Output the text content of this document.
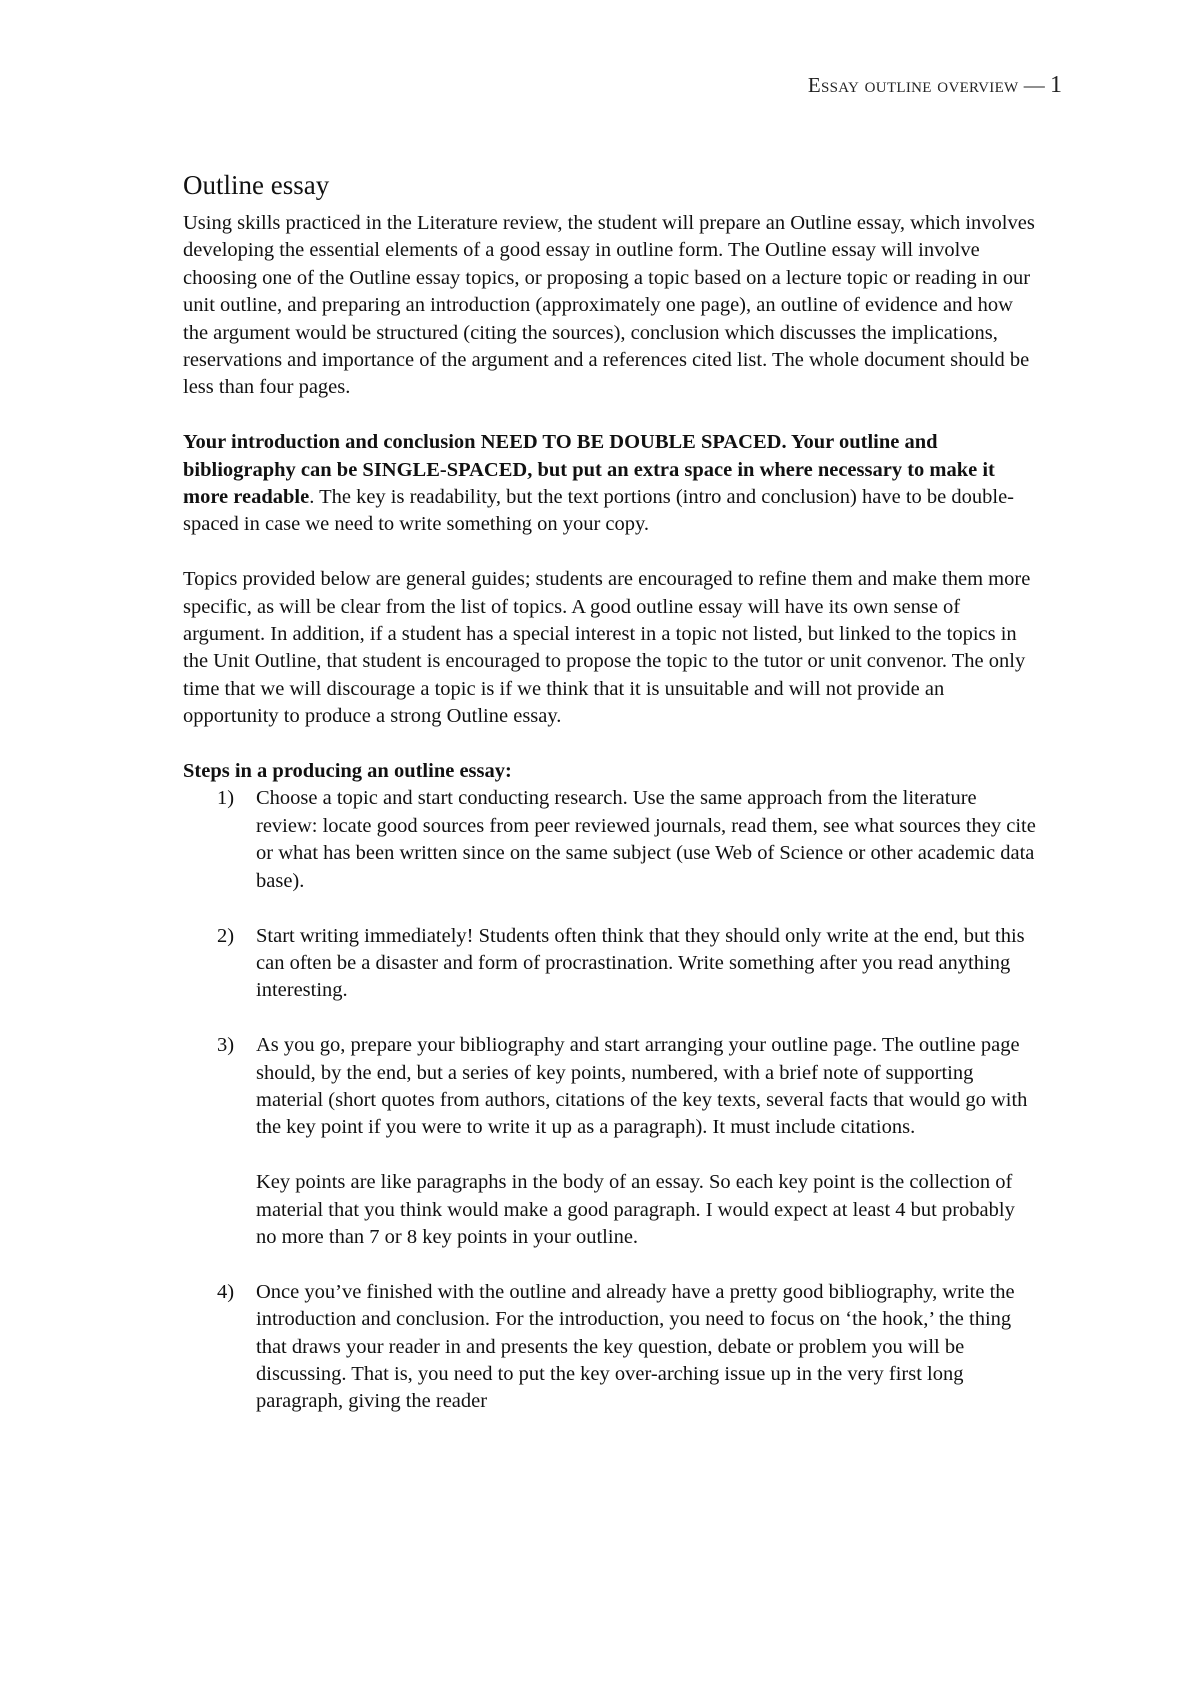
Essay outline overview — 1
Outline essay

Using skills practiced in the Literature review, the student will prepare an Outline essay, which involves developing the essential elements of a good essay in outline form. The Outline essay will involve choosing one of the Outline essay topics, or proposing a topic based on a lecture topic or reading in our unit outline, and preparing an introduction (approximately one page), an outline of evidence and how the argument would be structured (citing the sources), conclusion which discusses the implications, reservations and importance of the argument and a references cited list. The whole document should be less than four pages.

Your introduction and conclusion NEED TO BE DOUBLE SPACED. Your outline and bibliography can be SINGLE-SPACED, but put an extra space in where necessary to make it more readable. The key is readability, but the text portions (intro and conclusion) have to be double-spaced in case we need to write something on your copy.

Topics provided below are general guides; students are encouraged to refine them and make them more specific, as will be clear from the list of topics. A good outline essay will have its own sense of argument. In addition, if a student has a special interest in a topic not listed, but linked to the topics in the Unit Outline, that student is encouraged to propose the topic to the tutor or unit convenor. The only time that we will discourage a topic is if we think that it is unsuitable and will not provide an opportunity to produce a strong Outline essay.

Steps in a producing an outline essay:
1) Choose a topic and start conducting research. Use the same approach from the literature review: locate good sources from peer reviewed journals, read them, see what sources they cite or what has been written since on the same subject (use Web of Science or other academic data base).

2) Start writing immediately! Students often think that they should only write at the end, but this can often be a disaster and form of procrastination. Write something after you read anything interesting.

3) As you go, prepare your bibliography and start arranging your outline page. The outline page should, by the end, but a series of key points, numbered, with a brief note of supporting material (short quotes from authors, citations of the key texts, several facts that would go with the key point if you were to write it up as a paragraph). It must include citations.

Key points are like paragraphs in the body of an essay. So each key point is the collection of material that you think would make a good paragraph. I would expect at least 4 but probably no more than 7 or 8 key points in your outline.

4) Once you’ve finished with the outline and already have a pretty good bibliography, write the introduction and conclusion. For the introduction, you need to focus on ‘the hook,’ the thing that draws your reader in and presents the key question, debate or problem you will be discussing. That is, you need to put the key over-arching issue up in the very first long paragraph, giving the reader
